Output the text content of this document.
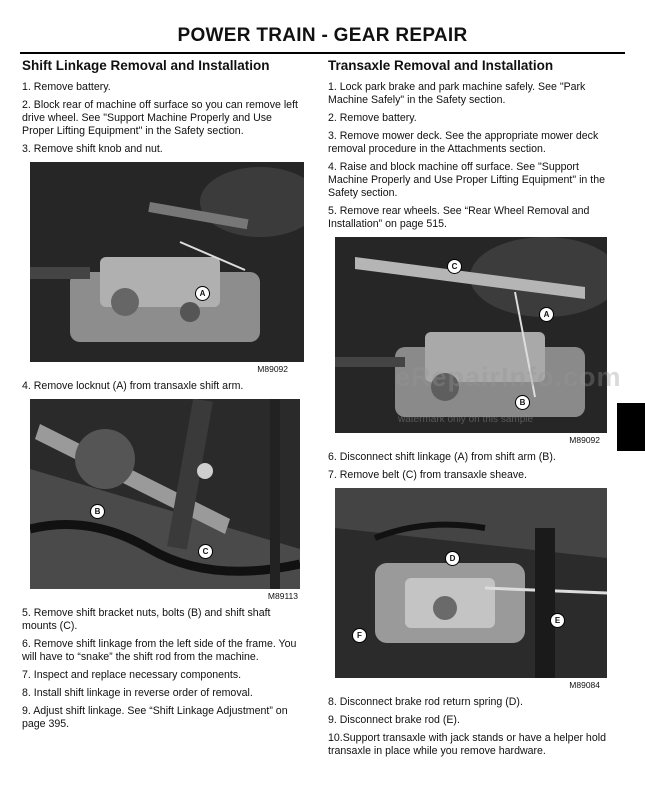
POWER TRAIN - GEAR REPAIR
Shift Linkage Removal and Installation
1. Remove battery.
2. Block rear of machine off surface so you can remove left drive wheel. See "Support Machine Properly and Use Proper Lifting Equipment" in the Safety section.
3. Remove shift knob and nut.
A
M89092
4. Remove locknut (A) from transaxle shift arm.
B
C
M89113
5. Remove shift bracket nuts, bolts (B) and shift shaft mounts (C).
6. Remove shift linkage from the left side of the frame. You will have to “snake” the shift rod from the machine.
7. Inspect and replace necessary components.
8. Install shift linkage in reverse order of removal.
9. Adjust shift linkage. See “Shift Linkage Adjustment” on page 395.
Transaxle Removal and Installation
1. Lock park brake and park machine safely. See "Park Machine Safely" in the Safety section.
2. Remove battery.
3. Remove mower deck. See the appropriate mower deck removal procedure in the Attachments section.
4. Raise and block machine off surface. See "Support Machine Properly and Use Proper Lifting Equipment" in the Safety section.
5. Remove rear wheels. See “Rear Wheel Removal and Installation” on page 515.
C
A
B
M89092
6. Disconnect shift linkage (A) from shift arm (B).
7. Remove belt (C) from transaxle sheave.
D
E
F
M89084
8. Disconnect brake rod return spring (D).
9. Disconnect brake rod (E).
10.Support transaxle with jack stands or have a helper hold transaxle in place while you remove hardware.
eRepairInfo.com
watermark only on this sample
